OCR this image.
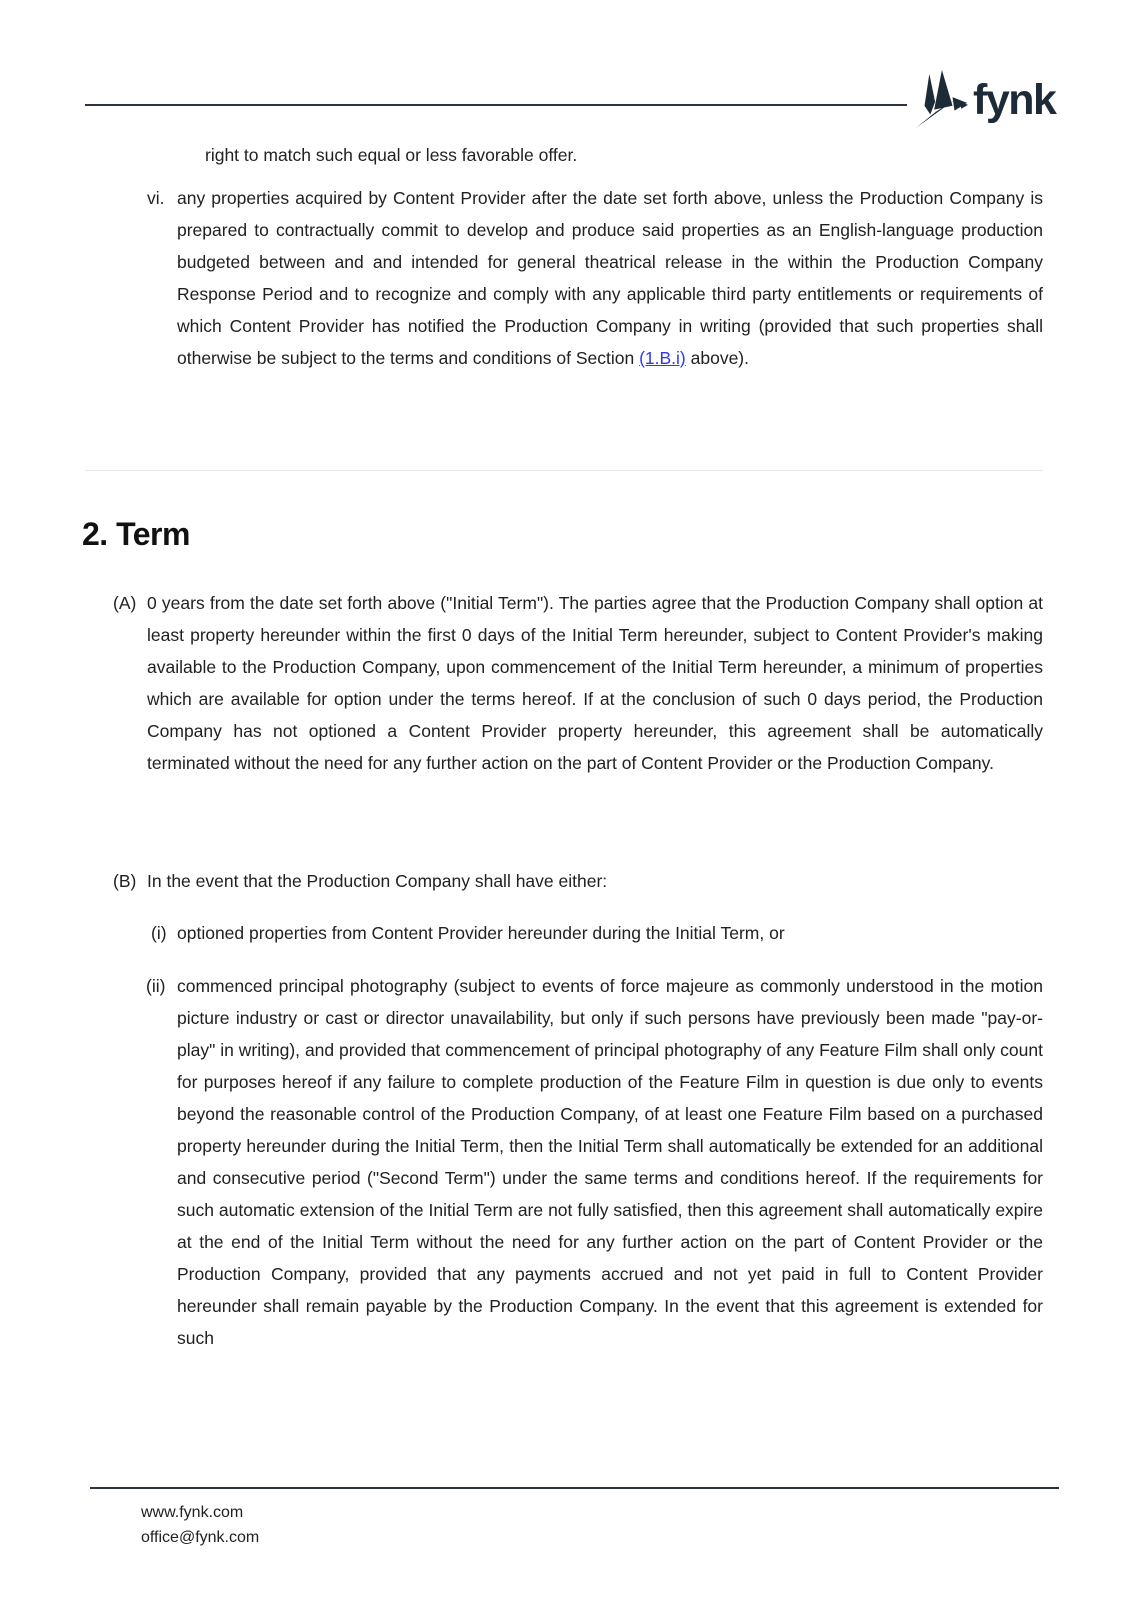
fynk
right to match such equal or less favorable offer.
vi. any properties acquired by Content Provider after the date set forth above, unless the Production Company is prepared to contractually commit to develop and produce said properties as an English-language production budgeted between and and intended for general theatrical release in the within the Production Company Response Period and to recognize and comply with any applicable third party entitlements or requirements of which Content Provider has notified the Production Company in writing (provided that such properties shall otherwise be subject to the terms and conditions of Section (1.B.i) above).
2. Term
(A) 0 years from the date set forth above ("Initial Term"). The parties agree that the Production Company shall option at least property hereunder within the first 0 days of the Initial Term hereunder, subject to Content Provider's making available to the Production Company, upon commencement of the Initial Term hereunder, a minimum of properties which are available for option under the terms hereof. If at the conclusion of such 0 days period, the Production Company has not optioned a Content Provider property hereunder, this agreement shall be automatically terminated without the need for any further action on the part of Content Provider or the Production Company.
(B) In the event that the Production Company shall have either:
(i) optioned properties from Content Provider hereunder during the Initial Term, or
(ii) commenced principal photography (subject to events of force majeure as commonly understood in the motion picture industry or cast or director unavailability, but only if such persons have previously been made "pay-or-play" in writing), and provided that commencement of principal photography of any Feature Film shall only count for purposes hereof if any failure to complete production of the Feature Film in question is due only to events beyond the reasonable control of the Production Company, of at least one Feature Film based on a purchased property hereunder during the Initial Term, then the Initial Term shall automatically be extended for an additional and consecutive period ("Second Term") under the same terms and conditions hereof. If the requirements for such automatic extension of the Initial Term are not fully satisfied, then this agreement shall automatically expire at the end of the Initial Term without the need for any further action on the part of Content Provider or the Production Company, provided that any payments accrued and not yet paid in full to Content Provider hereunder shall remain payable by the Production Company. In the event that this agreement is extended for such
www.fynk.com
office@fynk.com
